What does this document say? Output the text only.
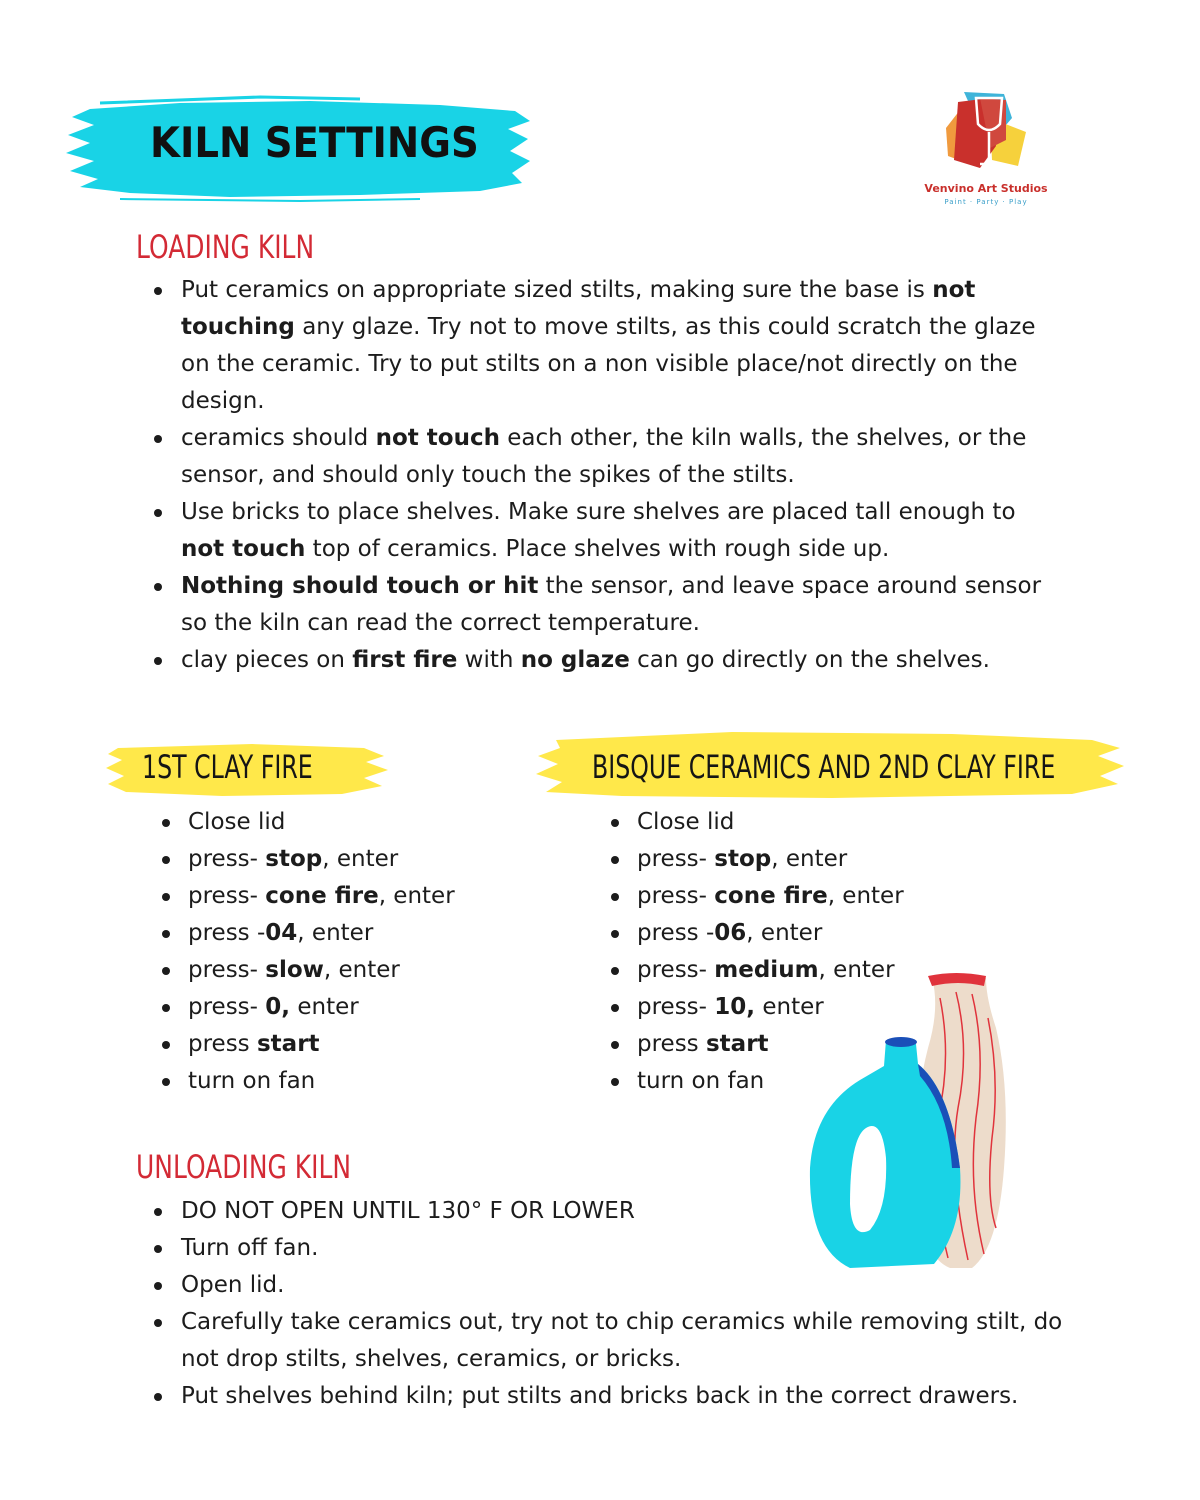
KILN SETTINGS
Venvino Art Studios
Paint · Party · Play
LOADING KILN
Put ceramics on appropriate sized stilts, making sure the base is not touching any glaze. Try not to move stilts, as this could scratch the glaze on the ceramic. Try to put stilts on a non visible place/not directly on the design.
ceramics should not touch each other, the kiln walls, the shelves, or the sensor, and should only touch the spikes of the stilts.
Use bricks to place shelves. Make sure shelves are placed tall enough to not touch top of ceramics. Place shelves with rough side up.
Nothing should touch or hit the sensor, and leave space around sensor so the kiln can read the correct temperature.
clay pieces on first fire with no glaze can go directly on the shelves.
1ST CLAY FIRE
Close lid
press- stop, enter
press- cone fire, enter
press -04, enter
press- slow, enter
press- 0, enter
press start
turn on fan
BISQUE CERAMICS AND 2ND CLAY FIRE
Close lid
press- stop, enter
press- cone fire, enter
press -06, enter
press- medium, enter
press- 10, enter
press start
turn on fan
UNLOADING KILN
DO NOT OPEN UNTIL 130° F OR LOWER
Turn off fan.
Open lid.
Carefully take ceramics out, try not to chip ceramics while removing stilt, do not drop stilts, shelves, ceramics, or bricks.
Put shelves behind kiln; put stilts and bricks back in the correct drawers.
